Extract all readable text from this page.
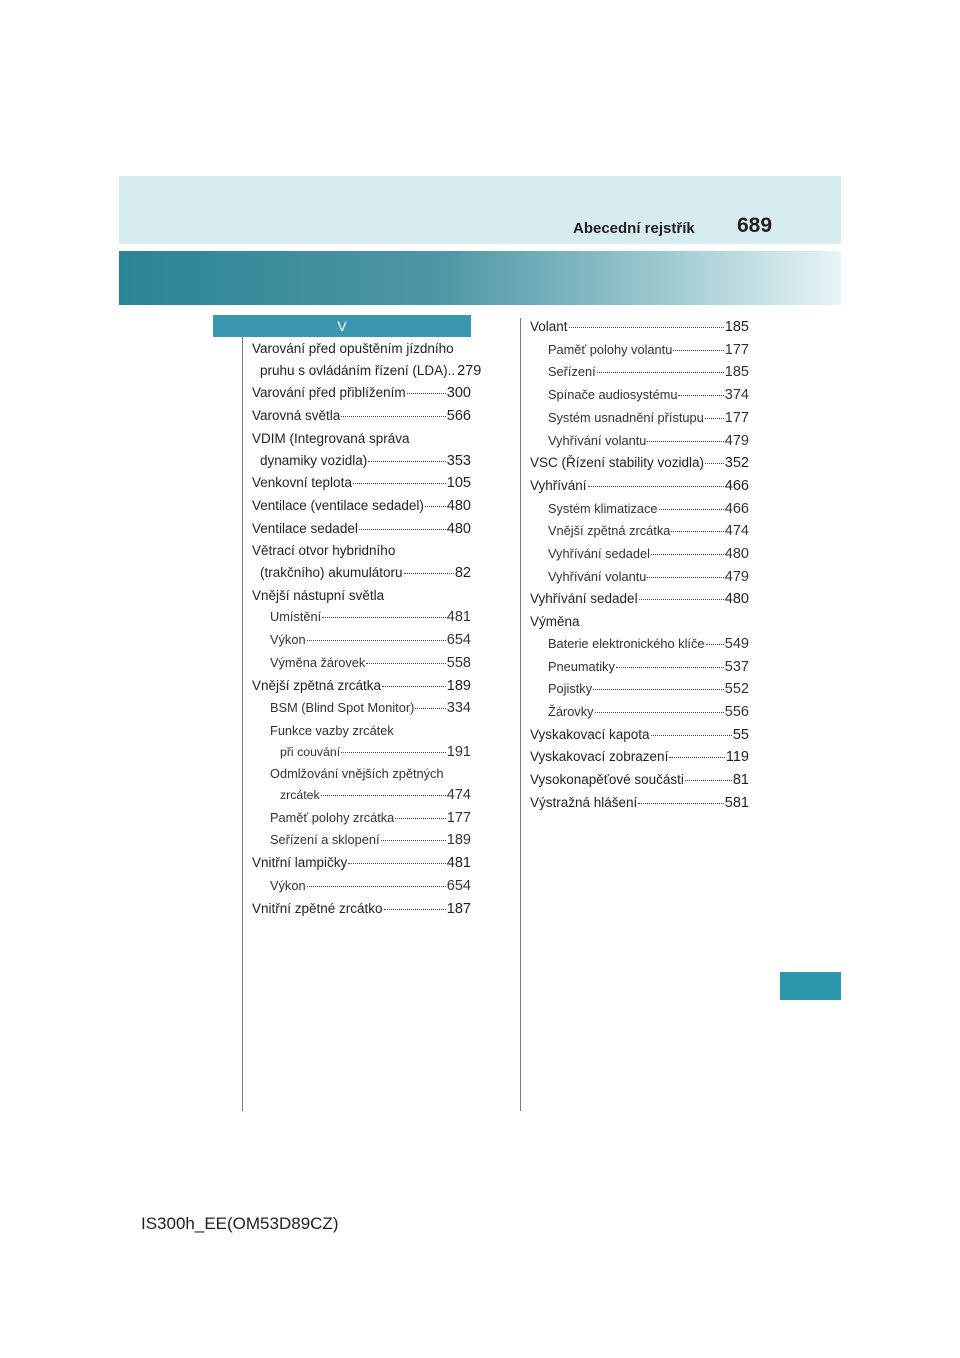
Abecední rejstřík 689
V
Varování před opuštěním jízdního
pruhu s ovládáním řízení (LDA).. 279
Varování před přiblížením	300
Varovná světla	566
VDIM (Integrovaná správa
dynamiky vozidla)	353
Venkovní teplota	105
Ventilace (ventilace sedadel) 480
Ventilace sedadel	480
Větrací otvor hybridního
(trakčního) akumulátoru	82
Vnější nástupní světla
Umístění	481
Výkon	654
Výměna žárovek	558
Vnější zpětná zrcátka	189
BSM (Blind Spot Monitor) 334
Funkce vazby zrcátek
při couvání	191
Odmlžování vnějších zpětných
zrcátek	474
Paměť polohy zrcátka	177
Seřízení a sklopení	189
Vnitřní lampičky	481
Výkon	654
Vnitřní zpětné zrcátko	187
Volant	185
Paměť polohy volantu	177
Seřízení	185
Spínače audiosystému	374
Systém usnadnění přístupu 177
Vyhřívání volantu	479
VSC (Řízení stability vozidla) 352
Vyhřívání	466
Systém klimatizace	466
Vnější zpětná zrcátka	474
Vyhřívání sedadel	480
Vyhřívání volantu	479
Vyhřívání sedadel	480
Výměna
Baterie elektronického klíče 549
Pneumatiky	537
Pojistky	552
Žárovky	556
Vyskakovací kapota	55
Vyskakovací zobrazení	119
Vysokonapěťové součásti	81
Výstražná hlášení	581
IS300h_EE(OM53D89CZ)
